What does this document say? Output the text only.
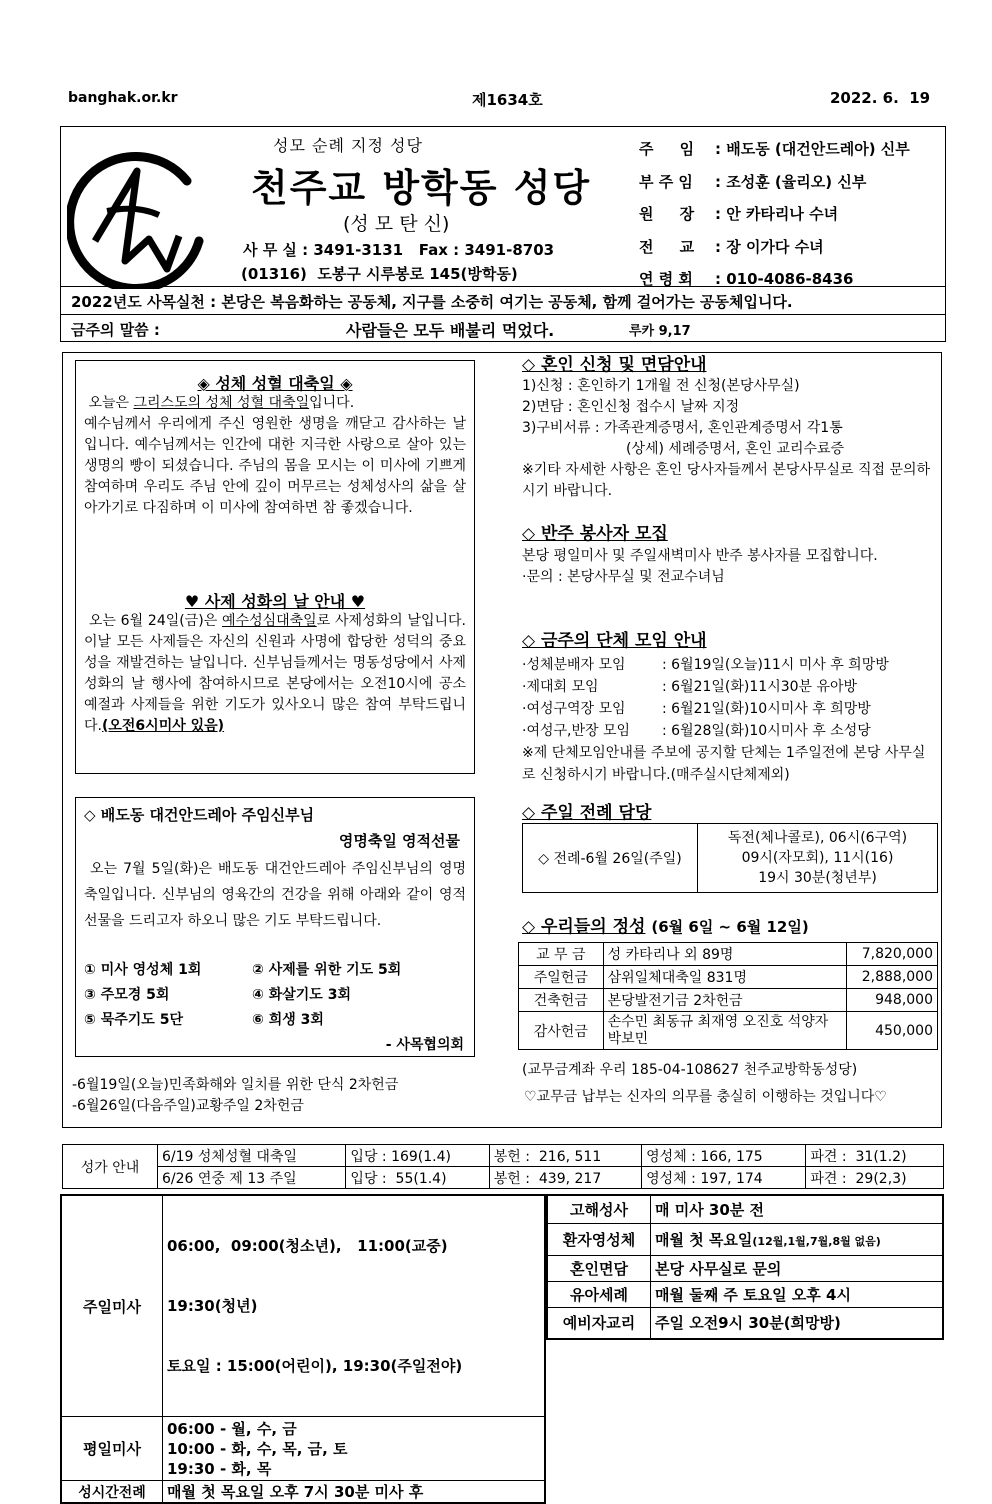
banghak.or.kr	제1634호	2022. 6.  19
성모 순례 지정 성당
천주교 방학동 성당
(성 모 탄 신)
사 무 실 : 3491-3131   Fax : 3491-8703
(01316)  도봉구 시루봉로 145(방학동)
주     임 : 배도동 (대건안드레아) 신부
부 주 임 : 조성훈 (율리오) 신부
원     장 : 안 카타리나 수녀
전     교 : 장 이가다 수녀
연 령 회 : 010-4086-8436
2022년도 사목실천 : 본당은 복음화하는 공동체, 지구를 소중히 여기는 공동체, 함께 걸어가는 공동체입니다.
금주의 말씀 :	사람들은 모두 배불리 먹었다.	루카 9,17
◈ 성체 성혈 대축일 ◈
오늘은 그리스도의 성체 성혈 대축일입니다.
예수님께서 우리에게 주신 영원한 생명을 깨닫고 감사하는 날입니다. 예수님께서는 인간에 대한 지극한 사랑으로 살아 있는 생명의 빵이 되셨습니다. 주님의 몸을 모시는 이 미사에 기쁘게 참여하며 우리도 주님 안에 깊이 머무르는 성체성사의 삶을 살아가기로 다짐하며 이 미사에 참여하면 참 좋겠습니다.
♥ 사제 성화의 날 안내 ♥
오는 6월 24일(금)은 예수성심대축일로 사제성화의 날입니다. 이날 모든 사제들은 자신의 신원과 사명에 합당한 성덕의 중요성을 재발견하는 날입니다. 신부님들께서는 명동성당에서 사제성화의 날 행사에 참여하시므로 본당에서는 오전10시에 공소예절과 사제들을 위한 기도가 있사오니 많은 참여 부탁드립니다.(오전6시미사 있음)
◇ 배도동 대건안드레아 주임신부님
영명축일 영적선물
오는 7월 5일(화)은 배도동 대건안드레아 주임신부님의 영명축일입니다. 신부님의 영육간의 건강을 위해 아래와 같이 영적선물을 드리고자 하오니 많은 기도 부탁드립니다.
① 미사 영성체 1회	② 사제를 위한 기도 5회
③ 주모경 5회	④ 화살기도 3회
⑤ 묵주기도 5단	⑥ 희생 3회
- 사목협의회
-6월19일(오늘)민족화해와 일치를 위한 단식 2차헌금
-6월26일(다음주일)교황주일 2차헌금
◇ 혼인 신청 및 면담안내
1)신청 : 혼인하기 1개월 전 신청(본당사무실)
2)면담 : 혼인신청 접수시 날짜 지정
3)구비서류 : 가족관계증명서, 혼인관계증명서 각1통
(상세) 세례증명서, 혼인 교리수료증
※기타 자세한 사항은 혼인 당사자들께서 본당사무실로 직접 문의하시기 바랍니다.
◇ 반주 봉사자 모집
본당 평일미사 및 주일새벽미사 반주 봉사자를 모집합니다.
·문의 : 본당사무실 및 전교수녀님
◇ 금주의 단체 모임 안내
·성체분배자 모임	: 6월19일(오늘)11시 미사 후 희망방
·제대회 모임	: 6월21일(화)11시30분 유아방
·여성구역장 모임	: 6월21일(화)10시미사 후 희망방
·여성구,반장 모임 : 6월28일(화)10시미사 후 소성당
※제 단체모임안내를 주보에 공지할 단체는 1주일전에 본당 사무실로 신청하시기 바랍니다.(매주실시단체제외)
◇ 주일 전례 담당
◇ 전례-6월 26일(주일)	
독전(체나콜로), 06시(6구역)
09시(자모회), 11시(16)
19시 30분(청년부)
◇ 우리들의 정성 (6월 6일 ~ 6월 12일)
교 무 금	성 카타리나 외 89명	7,820,000
주일헌금	삼위일체대축일 831명	2,888,000
건축헌금	본당발전기금 2차헌금	948,000
감사헌금	손수민 최동규 최재영 오진호 석양자 박보민	450,000
(교무금계좌 우리 185-04-108627 천주교방학동성당)
♡교무금 납부는 신자의 의무를 충실히 이행하는 것입니다♡
성가 안내	6/19 성체성혈 대축일	입당 : 169(1.4)	봉헌 :  216, 511	영성체 : 166, 175	파견 :  31(1.2)
	6/26 연중 제 13 주일	입당 :  55(1.4)	봉헌 :  439, 217	영성체 : 197, 174	파견 :  29(2,3)
주일미사	06:00,  09:00(청소년),   11:00(교중)

19:30(청년)

토요일 : 15:00(어린이), 19:30(주일전야)

평일미사	06:00 - 월, 수, 금
10:00 - 화, 수, 목, 금, 토
19:30 - 화, 목

성시간전례	매월 첫 목요일 오후 7시 30분 미사 후
고해성사	매 미사 30분 전
환자영성체	매월 첫 목요일(12월,1월,7월,8월 없음)
혼인면담	본당 사무실로 문의
유아세례	매월 둘째 주 토요일 오후 4시
예비자교리	주일 오전9시 30분(희망방)
